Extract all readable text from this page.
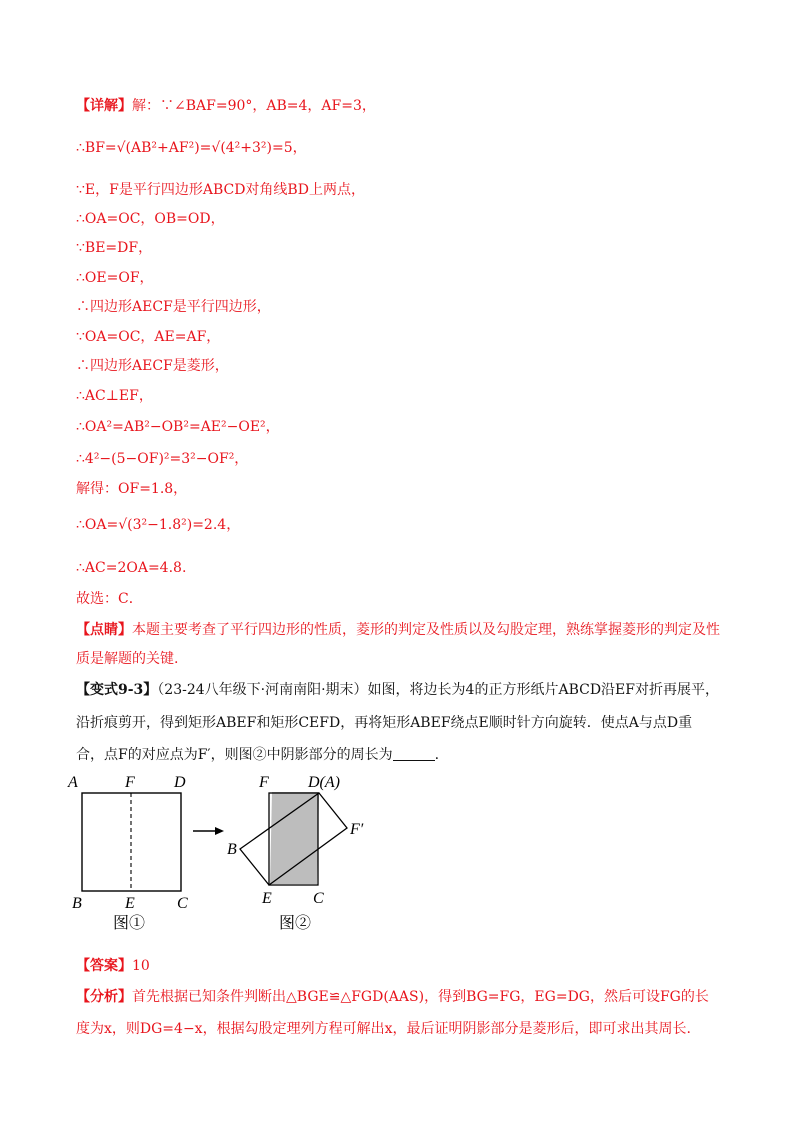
【详解】解：∵∠BAF=90°，AB=4，AF=3，
∴BF=√(AB²+AF²)=√(4²+3²)=5，
∵E，F是平行四边形ABCD对角线BD上两点，
∴OA=OC，OB=OD，
∵BE=DF，
∴OE=OF，
∴四边形AECF是平行四边形，
∵OA=OC，AE=AF，
∴四边形AECF是菱形，
∴AC⊥EF，
∴OA²=AB²−OB²=AE²−OE²，
∴4²−(5−OF)²=3²−OF²，
解得：OF=1.8，
∴OA=√(3²−1.8²)=2.4，
∴AC=2OA=4.8.
故选：C．
【点睛】本题主要考查了平行四边形的性质，菱形的判定及性质以及勾股定理，熟练掌握菱形的判定及性
质是解题的关键.
【变式9-3】（23-24八年级下·河南南阳·期末）如图，将边长为4的正方形纸片ABCD沿EF对折再展平，
沿折痕剪开，得到矩形ABEF和矩形CEFD，再将矩形ABEF绕点E顺时针方向旋转．使点A与点D重
合，点F的对应点为F′，则图②中阴影部分的周长为	.
A	F D
B	E	C
图①
F D(A)
F′
B
E	C
图②
【答案】10
【分析】首先根据已知条件判断出△BGE≌△FGD(AAS)，得到BG=FG，EG=DG，然后可设FG的长
度为x，则DG=4−x，根据勾股定理列方程可解出x，最后证明阴影部分是菱形后，即可求出其周长.
